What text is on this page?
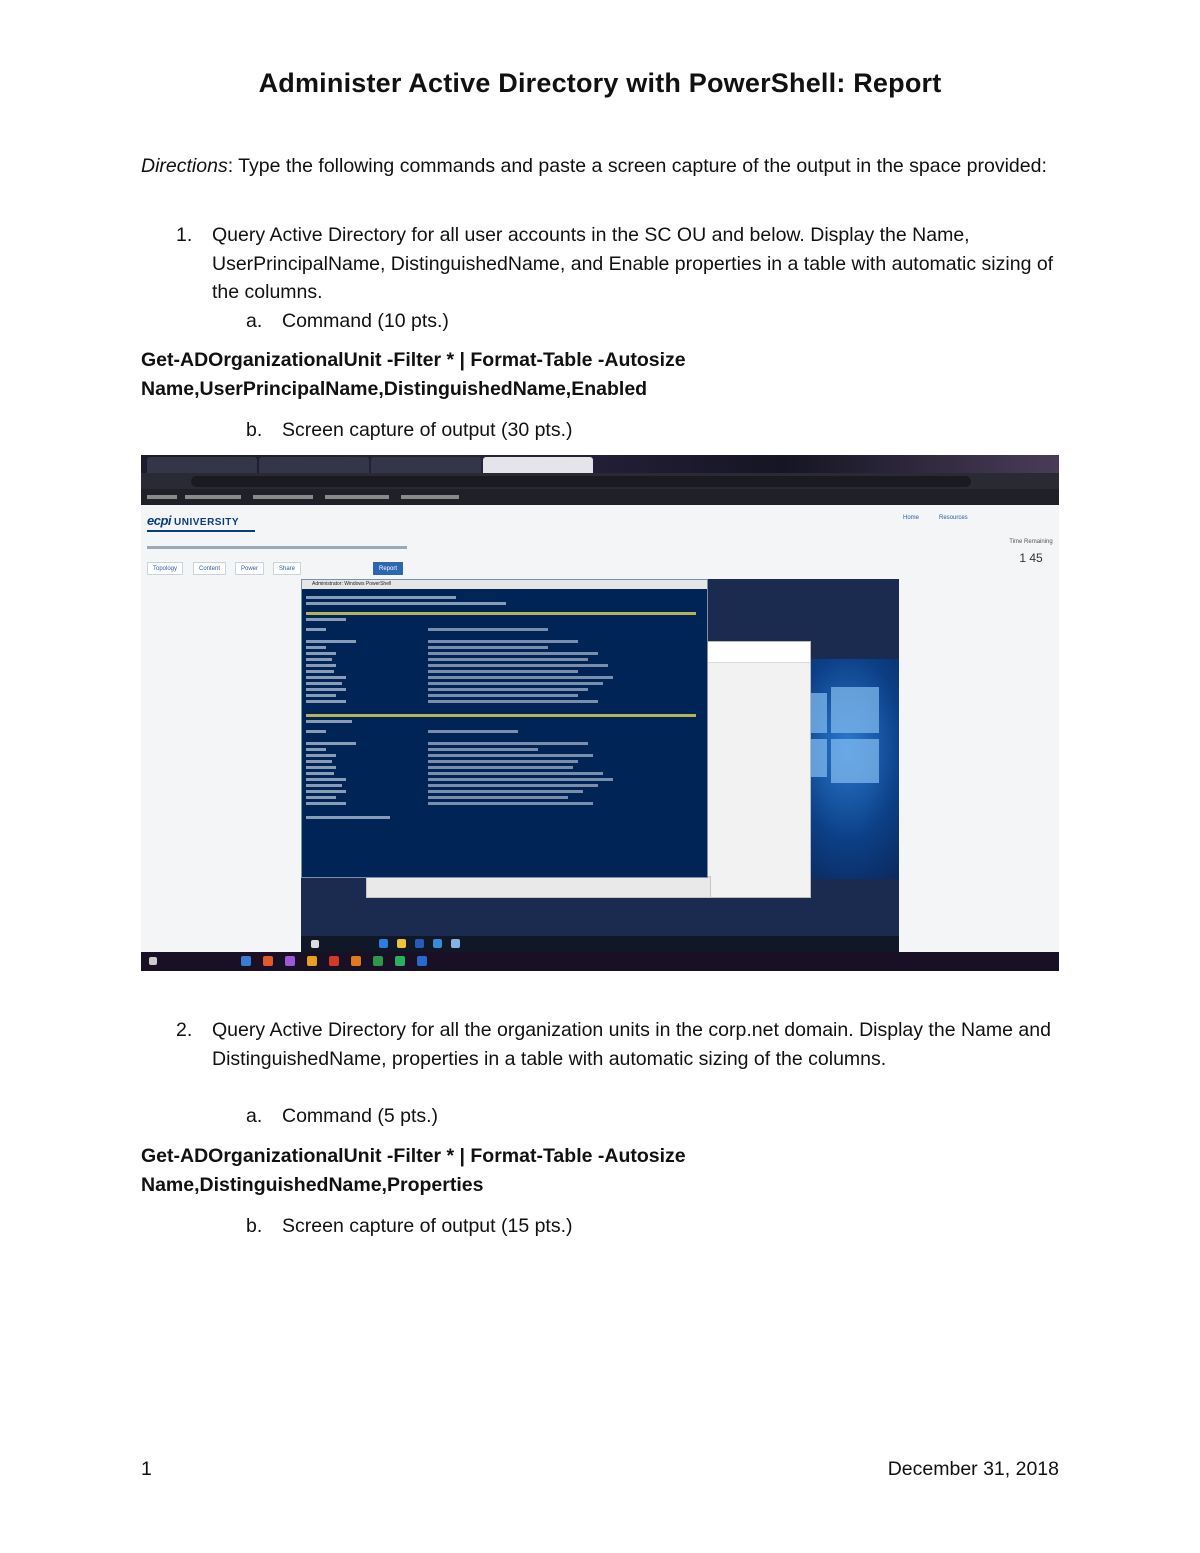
Administer Active Directory with PowerShell: Report
Directions: Type the following commands and paste a screen capture of the output in the space provided:
1. Query Active Directory for all user accounts in the SC OU and below. Display the Name, UserPrincipalName, DistinguishedName, and Enable properties in a table with automatic sizing of the columns.
a. Command (10 pts.)
Get-ADOrganizationalUnit -Filter * | Format-Table -Autosize
Name,UserPrincipalName,DistinguishedName,Enabled
b. Screen capture of output (30 pts.)
ecpi UNIVERSITY	Home	Resources
Topology	Content	Power	Share	Report
Time Remaining
1 45
Administrator: Windows PowerShell
2. Query Active Directory for all the organization units in the corp.net domain. Display the Name and DistinguishedName, properties in a table with automatic sizing of the columns.
a. Command (5 pts.)
Get-ADOrganizationalUnit -Filter * | Format-Table -Autosize
Name,DistinguishedName,Properties
b. Screen capture of output (15 pts.)
1	December 31, 2018
